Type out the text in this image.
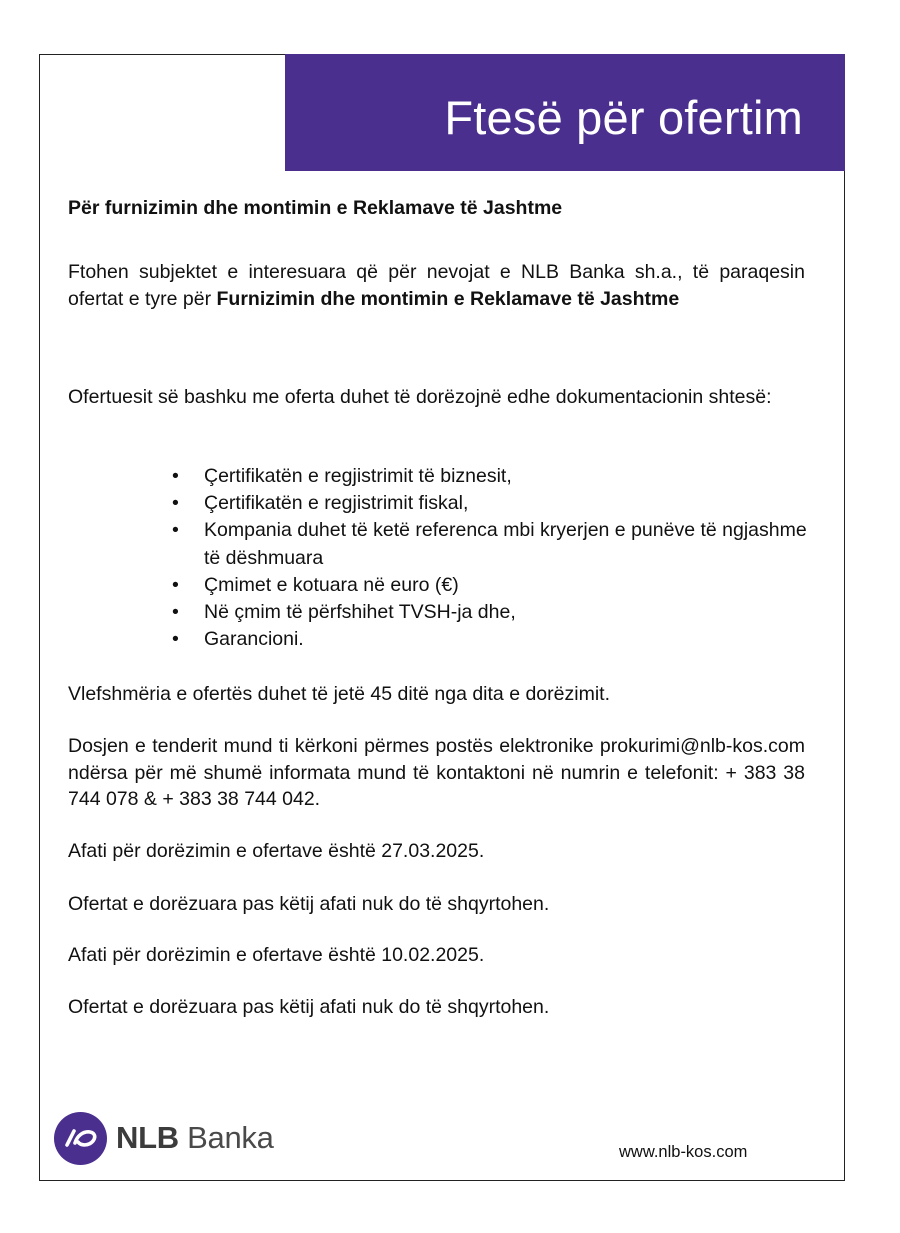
Ftesë për ofertim

Për furnizimin dhe montimin e Reklamave të Jashtme

Ftohen subjektet e interesuara që për nevojat e NLB Banka sh.a., të paraqesin ofertat e tyre për Furnizimin dhe montimin e Reklamave të Jashtme

Ofertuesit së bashku me oferta duhet të dorëzojnë edhe dokumentacionin shtesë:

• Çertifikatën e regjistrimit të biznesit,
• Çertifikatën e regjistrimit fiskal,
• Kompania duhet të ketë referenca mbi kryerjen e punëve të ngjashme të dëshmuara
• Çmimet e kotuara në euro (€)
• Në çmim të përfshihet TVSH-ja dhe,
• Garancioni.

Vlefshmëria e ofertës duhet të jetë 45 ditë nga dita e dorëzimit.

Dosjen e tenderit mund ti kërkoni përmes postës elektronike prokurimi@nlb-kos.com ndërsa për më shumë informata mund të kontaktoni në numrin e telefonit: + 383 38 744 078 & + 383 38 744 042.

Afati për dorëzimin e ofertave është 27.03.2025.

Ofertat e dorëzuara pas këtij afati nuk do të shqyrtohen.

Afati për dorëzimin e ofertave është 10.02.2025.

Ofertat e dorëzuara pas këtij afati nuk do të shqyrtohen.

NLB Banka	www.nlb-kos.com
